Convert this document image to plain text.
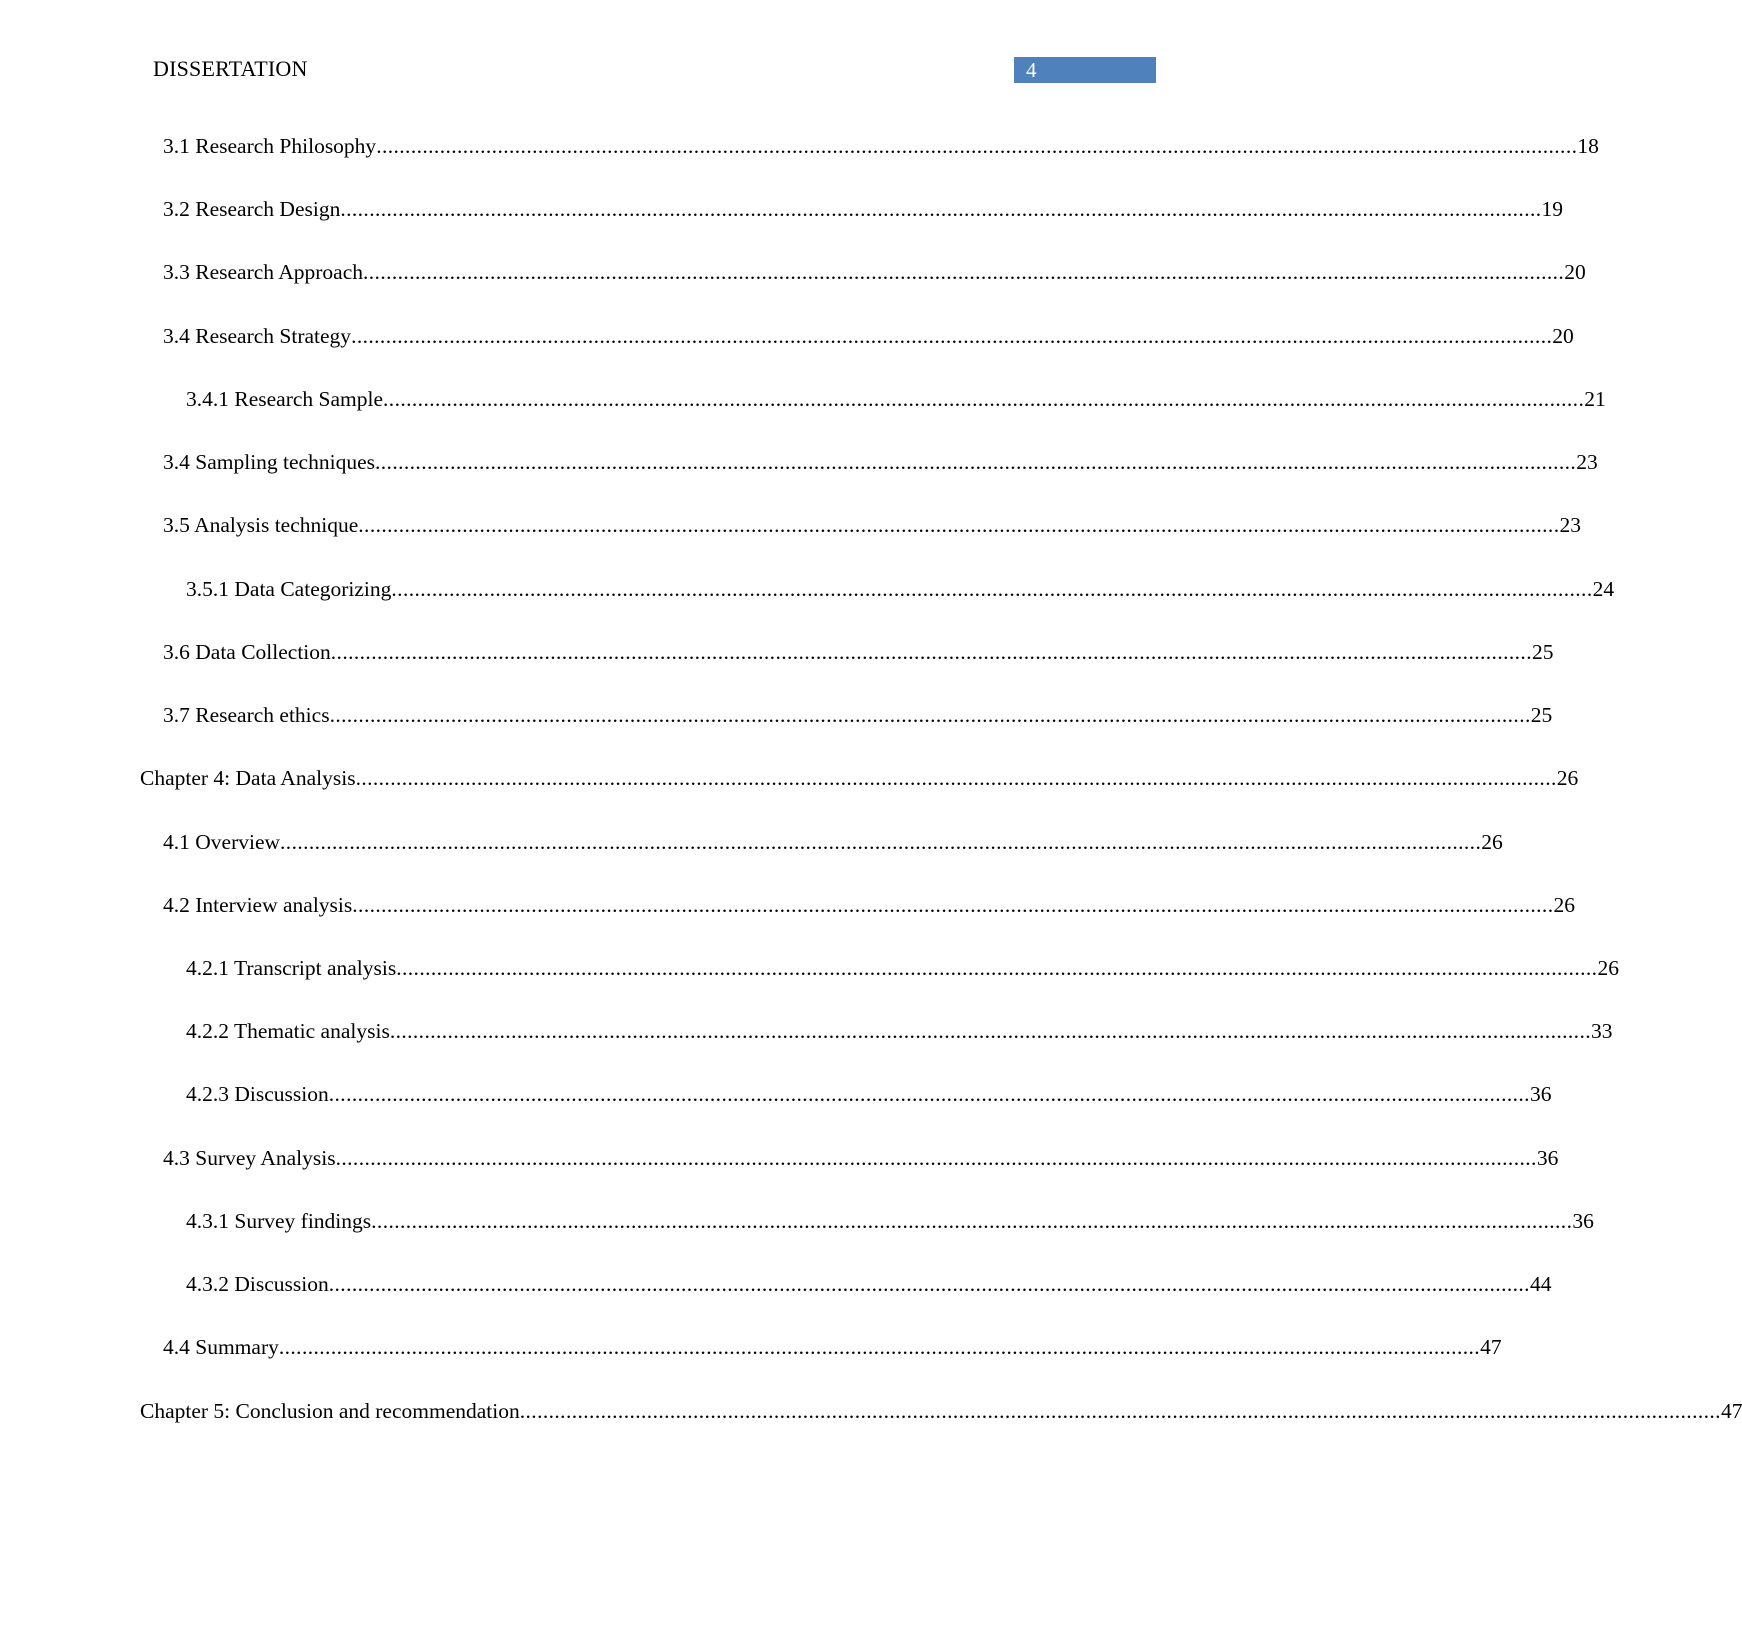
DISSERTATION	4
3.1 Research Philosophy ................................................................................................................................................................................................................ 18
3.2 Research Design ................................................................................................................................................................................................................ 19
3.3 Research Approach ................................................................................................................................................................................................................ 20
3.4 Research Strategy ................................................................................................................................................................................................................ 20
3.4.1 Research Sample ................................................................................................................................................................................................................ 21
3.4 Sampling techniques ................................................................................................................................................................................................................ 23
3.5 Analysis technique ................................................................................................................................................................................................................ 23
3.5.1 Data Categorizing ................................................................................................................................................................................................................ 24
3.6 Data Collection ................................................................................................................................................................................................................ 25
3.7 Research ethics ................................................................................................................................................................................................................ 25
Chapter 4: Data Analysis ................................................................................................................................................................................................................ 26
4.1 Overview ................................................................................................................................................................................................................ 26
4.2 Interview analysis ................................................................................................................................................................................................................ 26
4.2.1 Transcript analysis ................................................................................................................................................................................................................ 26
4.2.2 Thematic analysis ................................................................................................................................................................................................................ 33
4.2.3 Discussion ................................................................................................................................................................................................................ 36
4.3 Survey Analysis ................................................................................................................................................................................................................ 36
4.3.1 Survey findings ................................................................................................................................................................................................................ 36
4.3.2 Discussion ................................................................................................................................................................................................................ 44
4.4 Summary ................................................................................................................................................................................................................ 47
Chapter 5: Conclusion and recommendation ................................................................................................................................................................................................................ 47
